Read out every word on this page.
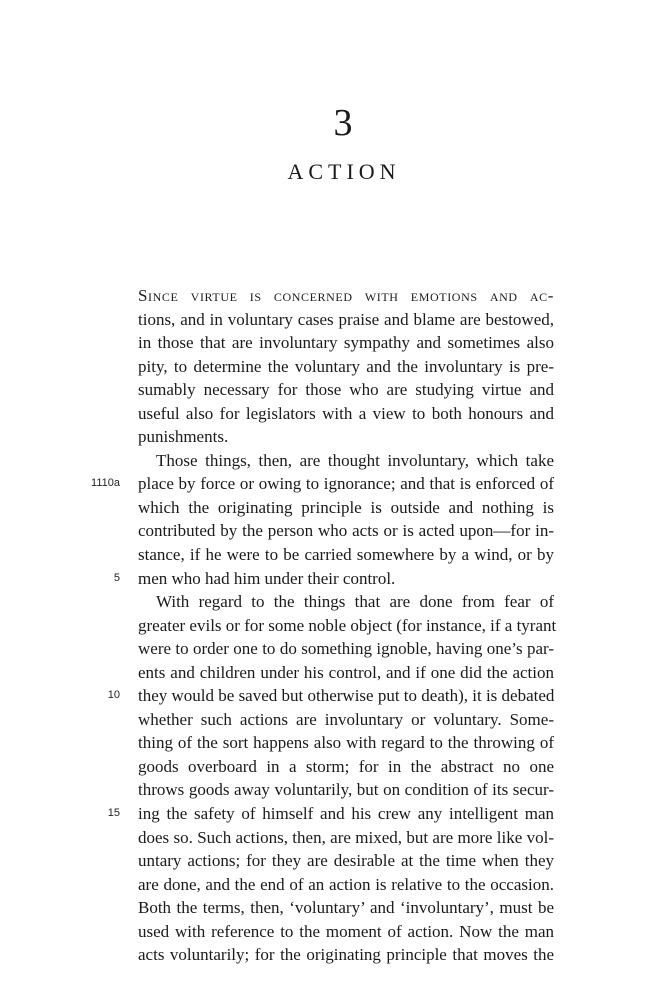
3
ACTION
1110a
5
10
15
Since virtue is concerned with emotions and ac-
tions, and in voluntary cases praise and blame are bestowed,
in those that are involuntary sympathy and sometimes also
pity, to determine the voluntary and the involuntary is pre-
sumably necessary for those who are studying virtue and
useful also for legislators with a view to both honours and
punishments.
Those things, then, are thought involuntary, which take
place by force or owing to ignorance; and that is enforced of
which the originating principle is outside and nothing is
contributed by the person who acts or is acted upon—for in-
stance, if he were to be carried somewhere by a wind, or by
men who had him under their control.
With regard to the things that are done from fear of
greater evils or for some noble object (for instance, if a tyrant
were to order one to do something ignoble, having one’s par-
ents and children under his control, and if one did the action
they would be saved but otherwise put to death), it is debated
whether such actions are involuntary or voluntary. Some-
thing of the sort happens also with regard to the throwing of
goods overboard in a storm; for in the abstract no one
throws goods away voluntarily, but on condition of its secur-
ing the safety of himself and his crew any intelligent man
does so. Such actions, then, are mixed, but are more like vol-
untary actions; for they are desirable at the time when they
are done, and the end of an action is relative to the occasion.
Both the terms, then, ‘voluntary’ and ‘involuntary’, must be
used with reference to the moment of action. Now the man
acts voluntarily; for the originating principle that moves the
